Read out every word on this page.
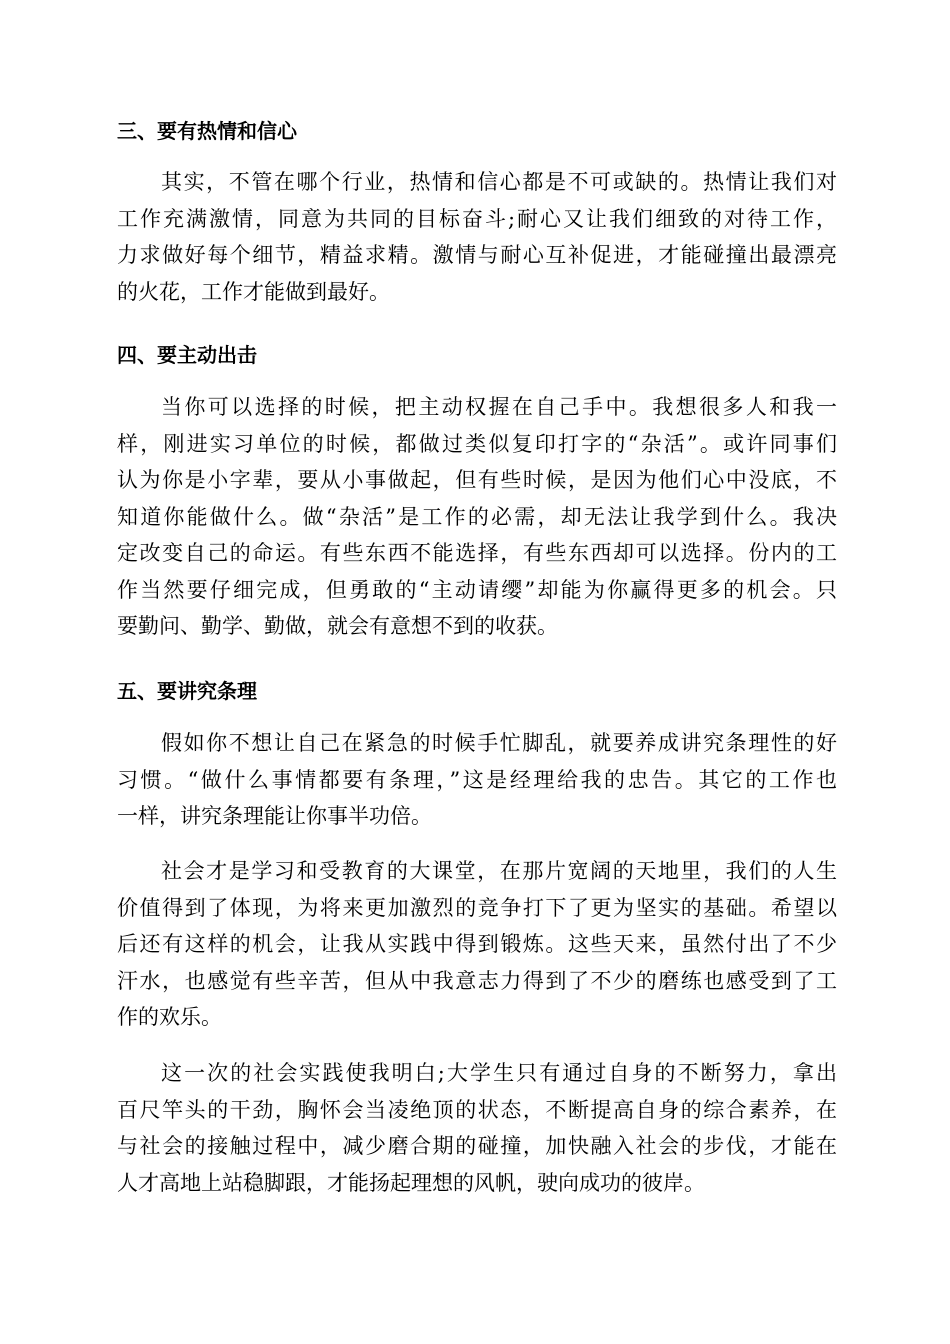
三、要有热情和信心
其实，不管在哪个行业，热情和信心都是不可或缺的。热情让我们对
工作充满激情，同意为共同的目标奋斗;耐心又让我们细致的对待工作，
力求做好每个细节，精益求精。激情与耐心互补促进，才能碰撞出最漂亮
的火花，工作才能做到最好。
四、要主动出击
当你可以选择的时候，把主动权握在自己手中。我想很多人和我一
样，刚进实习单位的时候，都做过类似复印打字的“杂活”。或许同事们
认为你是小字辈，要从小事做起，但有些时候，是因为他们心中没底，不
知道你能做什么。做“杂活”是工作的必需，却无法让我学到什么。我决
定改变自己的命运。有些东西不能选择，有些东西却可以选择。份内的工
作当然要仔细完成，但勇敢的“主动请缨”却能为你赢得更多的机会。只
要勤问、勤学、勤做，就会有意想不到的收获。
五、要讲究条理
假如你不想让自己在紧急的时候手忙脚乱，就要养成讲究条理性的好
习惯。“做什么事情都要有条理，”这是经理给我的忠告。其它的工作也
一样，讲究条理能让你事半功倍。
社会才是学习和受教育的大课堂，在那片宽阔的天地里，我们的人生
价值得到了体现，为将来更加激烈的竞争打下了更为坚实的基础。希望以
后还有这样的机会，让我从实践中得到锻炼。这些天来，虽然付出了不少
汗水，也感觉有些辛苦，但从中我意志力得到了不少的磨练也感受到了工
作的欢乐。
这一次的社会实践使我明白;大学生只有通过自身的不断努力，拿出
百尺竿头的干劲，胸怀会当凌绝顶的状态，不断提高自身的综合素养，在
与社会的接触过程中，减少磨合期的碰撞，加快融入社会的步伐，才能在
人才高地上站稳脚跟，才能扬起理想的风帆，驶向成功的彼岸。
